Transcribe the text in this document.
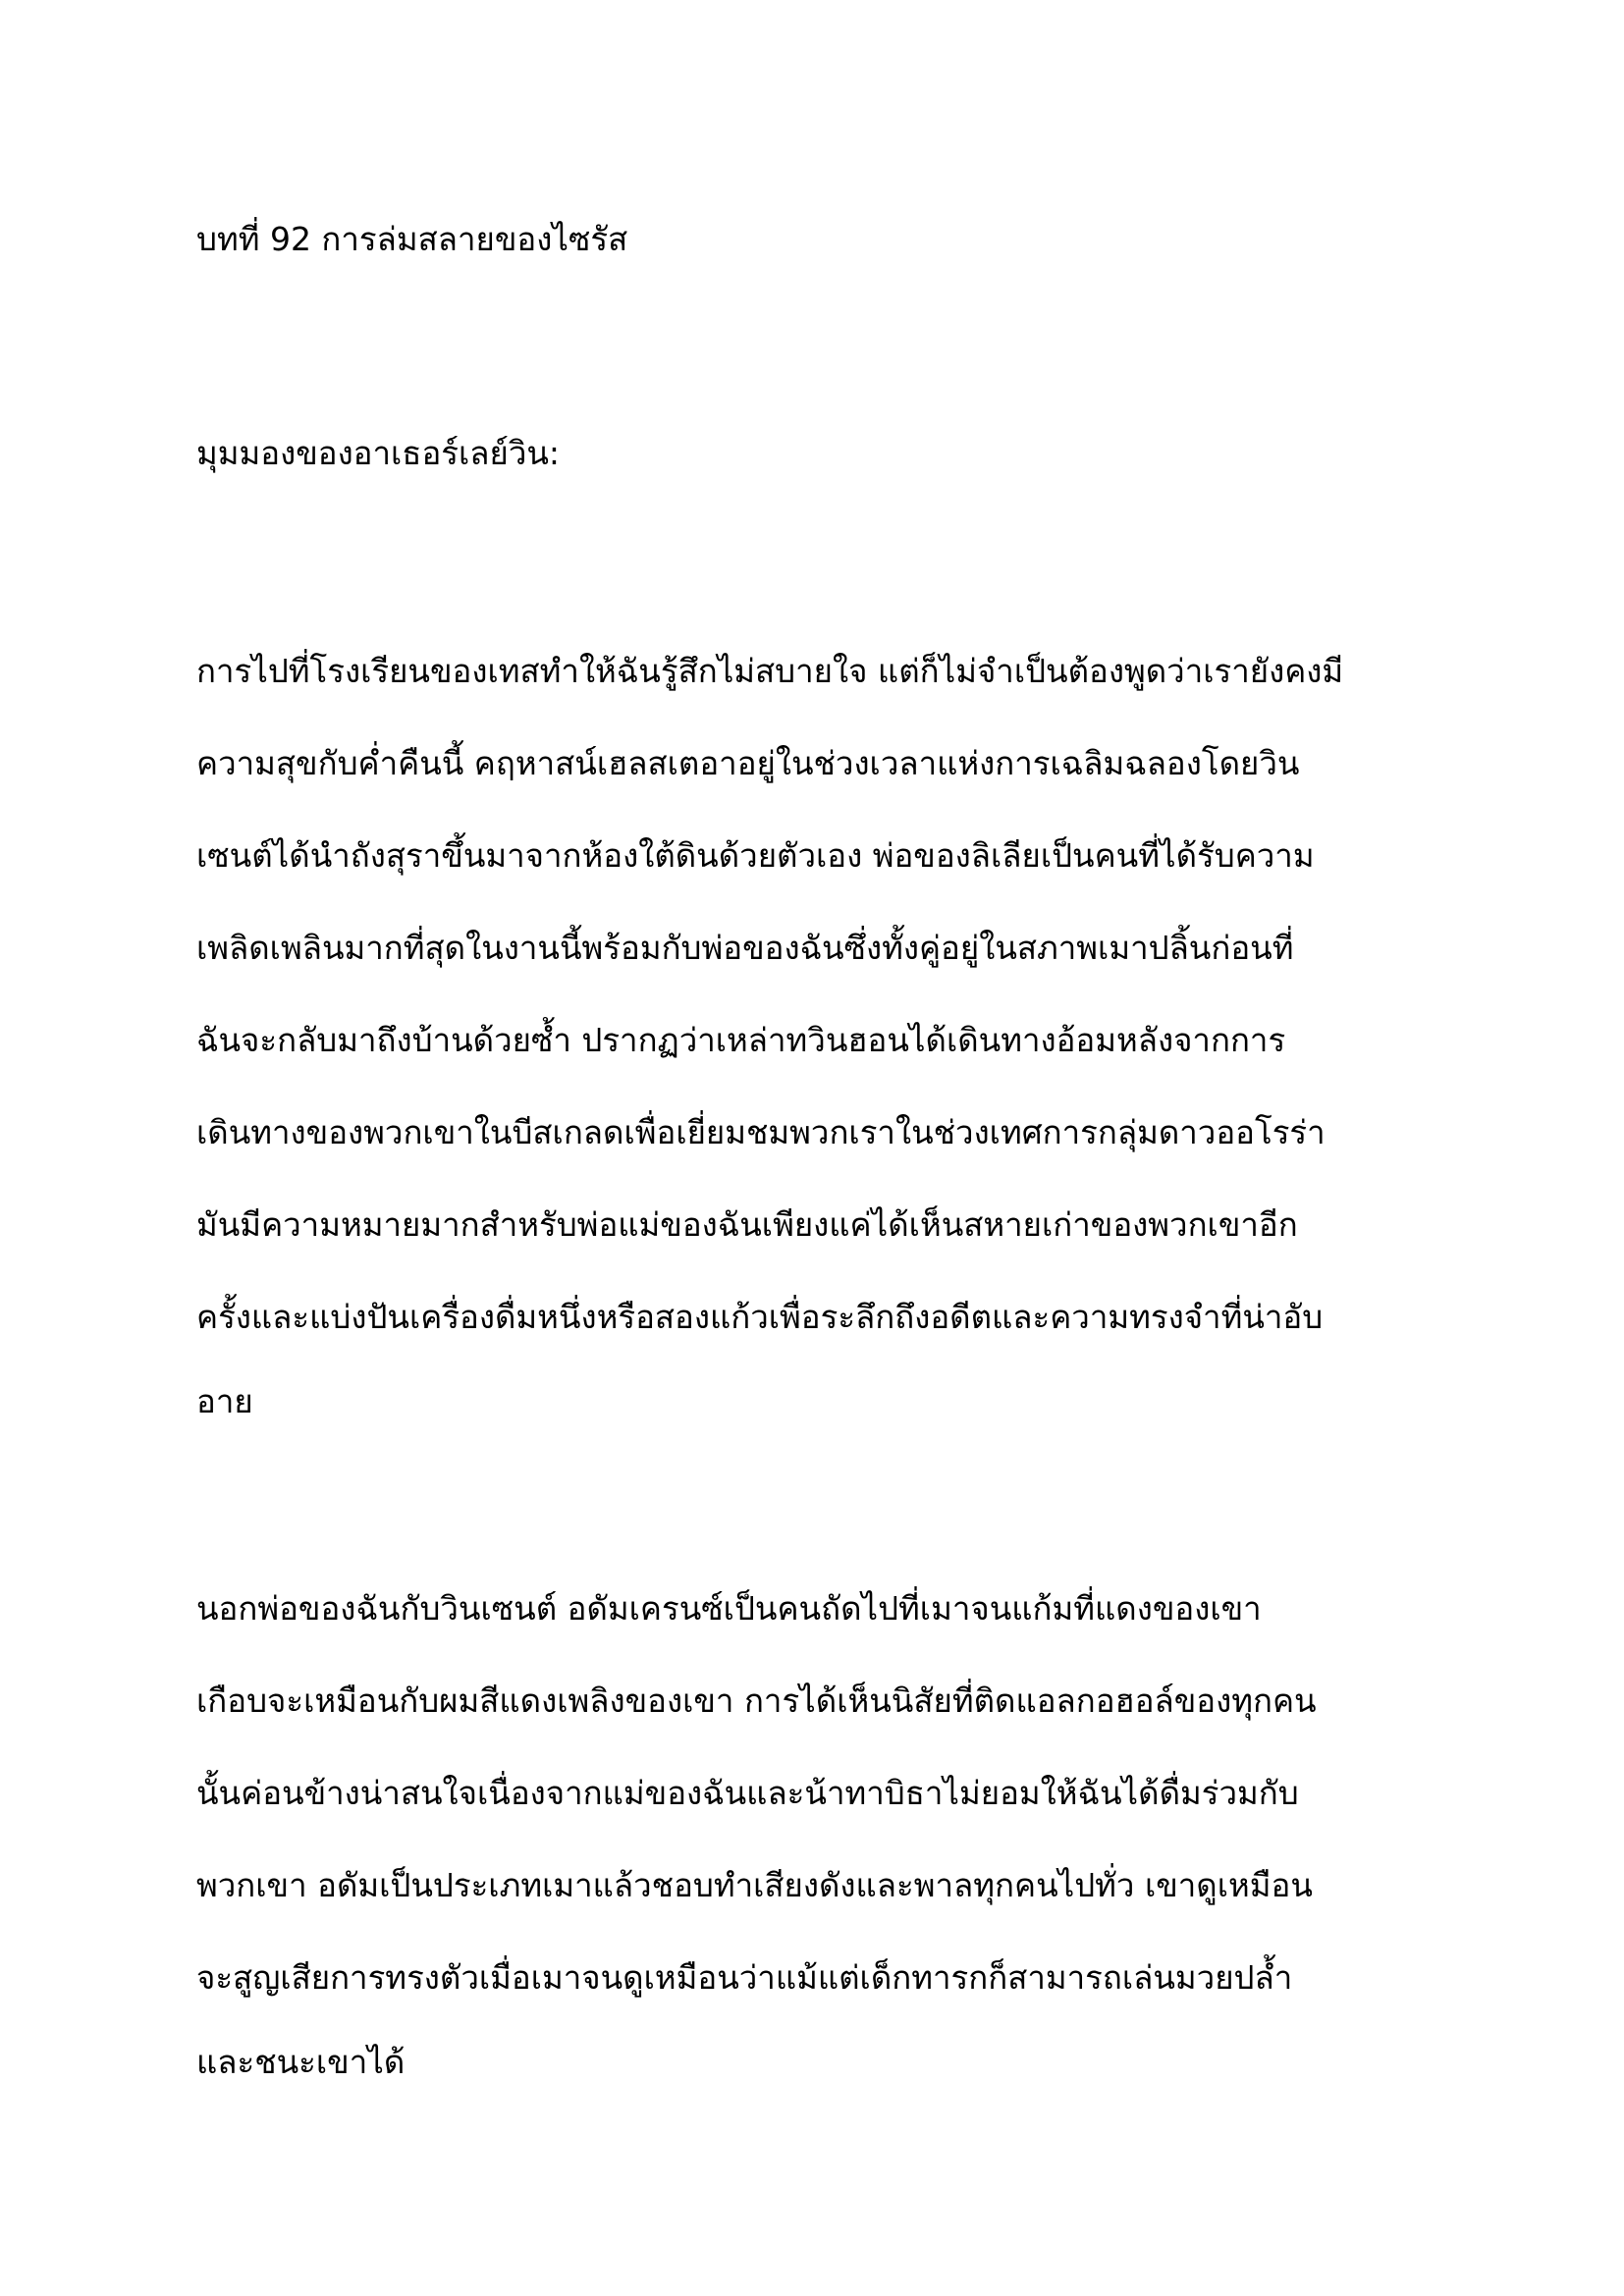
บทที่ 92 การล่มสลายของไซรัส

มุมมองของอาเธอร์เลย์วิน:

การไปที่โรงเรียนของเทสทำให้ฉันรู้สึกไม่สบายใจ แต่ก็ไม่จำเป็นต้องพูดว่าเรายังคงมี

ความสุขกับค่ำคืนนี้ คฤหาสน์เฮลสเตอาอยู่ในช่วงเวลาแห่งการเฉลิมฉลองโดยวิน

เซนต์ได้นำถังสุราขึ้นมาจากห้องใต้ดินด้วยตัวเอง พ่อของลิเลียเป็นคนที่ได้รับความ

เพลิดเพลินมากที่สุดในงานนี้พร้อมกับพ่อของฉันซึ่งทั้งคู่อยู่ในสภาพเมาปลิ้นก่อนที่

ฉันจะกลับมาถึงบ้านด้วยซ้ำ ปรากฏว่าเหล่าทวินฮอนได้เดินทางอ้อมหลังจากการ

เดินทางของพวกเขาในบีสเกลดเพื่อเยี่ยมชมพวกเราในช่วงเทศการกลุ่มดาวออโรร่า

มันมีความหมายมากสำหรับพ่อแม่ของฉันเพียงแค่ได้เห็นสหายเก่าของพวกเขาอีก

ครั้งและแบ่งปันเครื่องดื่มหนึ่งหรือสองแก้วเพื่อระลึกถึงอดีตและความทรงจำที่น่าอับ

อาย

นอกพ่อของฉันกับวินเซนต์ อดัมเครนซ์เป็นคนถัดไปที่เมาจนแก้มที่แดงของเขา

เกือบจะเหมือนกับผมสีแดงเพลิงของเขา การได้เห็นนิสัยที่ติดแอลกอฮอล์ของทุกคน

นั้นค่อนข้างน่าสนใจเนื่องจากแม่ของฉันและน้าทาบิธาไม่ยอมให้ฉันได้ดื่มร่วมกับ

พวกเขา อดัมเป็นประเภทเมาแล้วชอบทำเสียงดังและพาลทุกคนไปทั่ว เขาดูเหมือน

จะสูญเสียการทรงตัวเมื่อเมาจนดูเหมือนว่าแม้แต่เด็กทารกก็สามารถเล่นมวยปล้ำ

และชนะเขาได้
